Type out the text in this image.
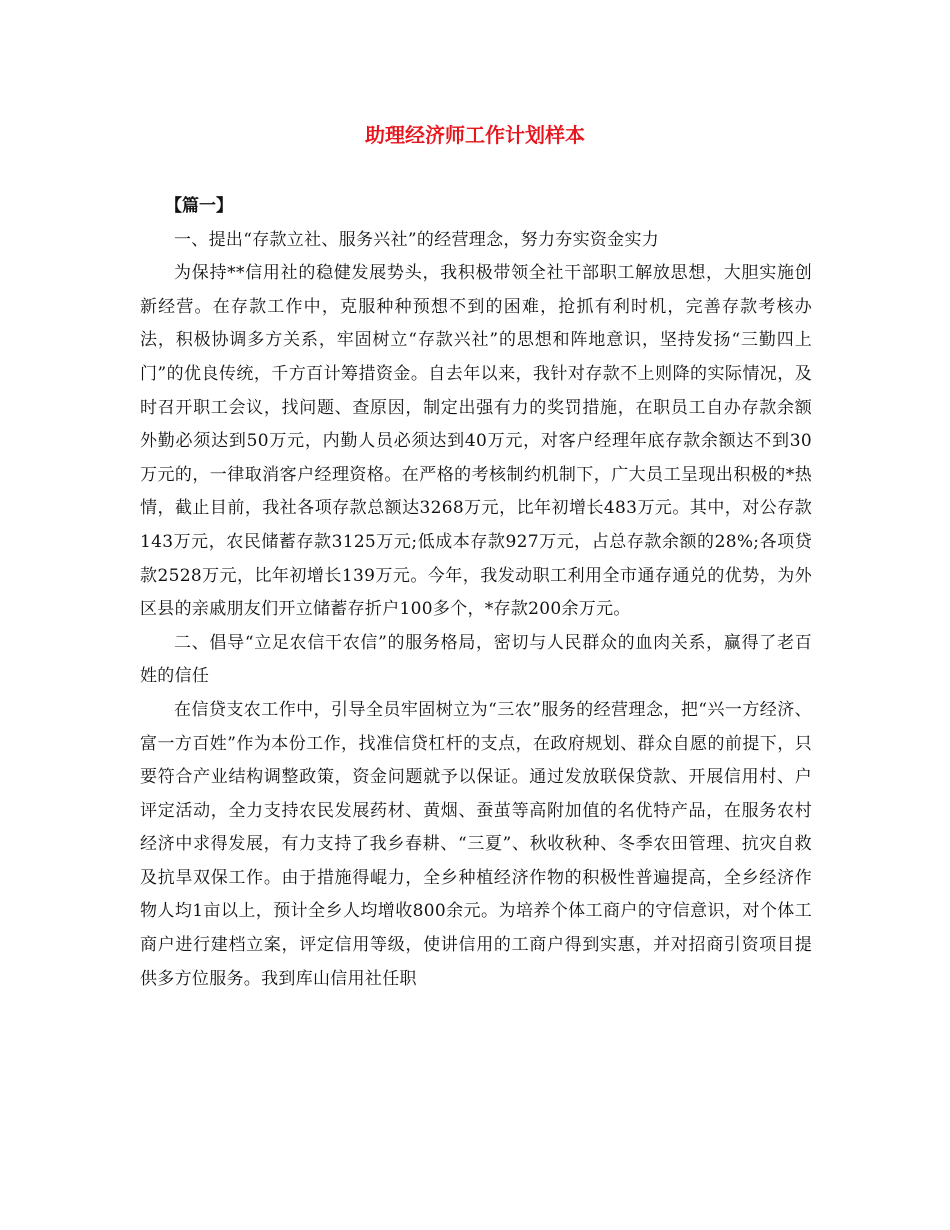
助理经济师工作计划样本

【篇一】

一、提出“存款立社、服务兴社”的经营理念，努力夯实资金实力

为保持**信用社的稳健发展势头，我积极带领全社干部职工解放思想，大胆实施创新经营。在存款工作中，克服种种预想不到的困难，抢抓有利时机，完善存款考核办法，积极协调多方关系，牢固树立“存款兴社”的思想和阵地意识，坚持发扬“三勤四上门”的优良传统，千方百计筹措资金。自去年以来，我针对存款不上则降的实际情况，及时召开职工会议，找问题、查原因，制定出强有力的奖罚措施，在职员工自办存款余额外勤必须达到50万元，内勤人员必须达到40万元，对客户经理年底存款余额达不到30万元的，一律取消客户经理资格。在严格的考核制约机制下，广大员工呈现出积极的*热情，截止目前，我社各项存款总额达3268万元，比年初增长483万元。其中，对公存款143万元，农民储蓄存款3125万元;低成本存款927万元，占总存款余额的28%;各项贷款2528万元，比年初增长139万元。今年，我发动职工利用全市通存通兑的优势，为外区县的亲戚朋友们开立储蓄存折户100多个，*存款200余万元。

二、倡导“立足农信干农信”的服务格局，密切与人民群众的血肉关系，赢得了老百姓的信任

在信贷支农工作中，引导全员牢固树立为“三农”服务的经营理念，把“兴一方经济、富一方百姓”作为本份工作，找准信贷杠杆的支点，在政府规划、群众自愿的前提下，只要符合产业结构调整政策，资金问题就予以保证。通过发放联保贷款、开展信用村、户评定活动，全力支持农民发展药材、黄烟、蚕茧等高附加值的名优特产品，在服务农村经济中求得发展，有力支持了我乡春耕、“三夏”、秋收秋种、冬季农田管理、抗灾自救及抗旱双保工作。由于措施得崐力，全乡种植经济作物的积极性普遍提高，全乡经济作物人均1亩以上，预计全乡人均增收800余元。为培养个体工商户的守信意识，对个体工商户进行建档立案，评定信用等级，使讲信用的工商户得到实惠，并对招商引资项目提供多方位服务。我到库山信用社任职
